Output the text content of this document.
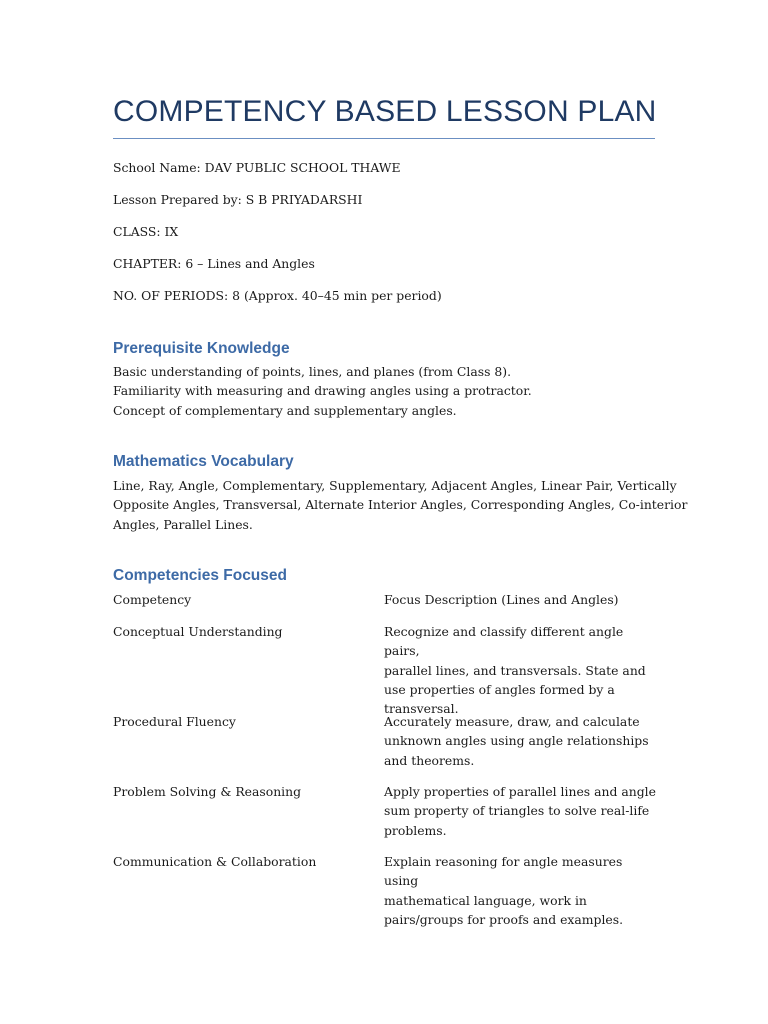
COMPETENCY BASED LESSON PLAN

School Name: DAV PUBLIC SCHOOL THAWE

Lesson Prepared by: S B PRIYADARSHI

CLASS: IX

CHAPTER: 6 – Lines and Angles

NO. OF PERIODS: 8 (Approx. 40–45 min per period)

Prerequisite Knowledge
Basic understanding of points, lines, and planes (from Class 8).
Familiarity with measuring and drawing angles using a protractor.
Concept of complementary and supplementary angles.
Mathematics Vocabulary
Line, Ray, Angle, Complementary, Supplementary, Adjacent Angles, Linear Pair, Vertically
Opposite Angles, Transversal, Alternate Interior Angles, Corresponding Angles, Co-interior
Angles, Parallel Lines.
Competencies Focused
Competency	Focus Description (Lines and Angles)
Conceptual Understanding	Recognize and classify different angle pairs,
parallel lines, and transversals. State and
use properties of angles formed by a
transversal.
Procedural Fluency	Accurately measure, draw, and calculate
unknown angles using angle relationships
and theorems.
Problem Solving & Reasoning	Apply properties of parallel lines and angle
sum property of triangles to solve real-life
problems.
Communication & Collaboration	Explain reasoning for angle measures using
mathematical language, work in
pairs/groups for proofs and examples.
